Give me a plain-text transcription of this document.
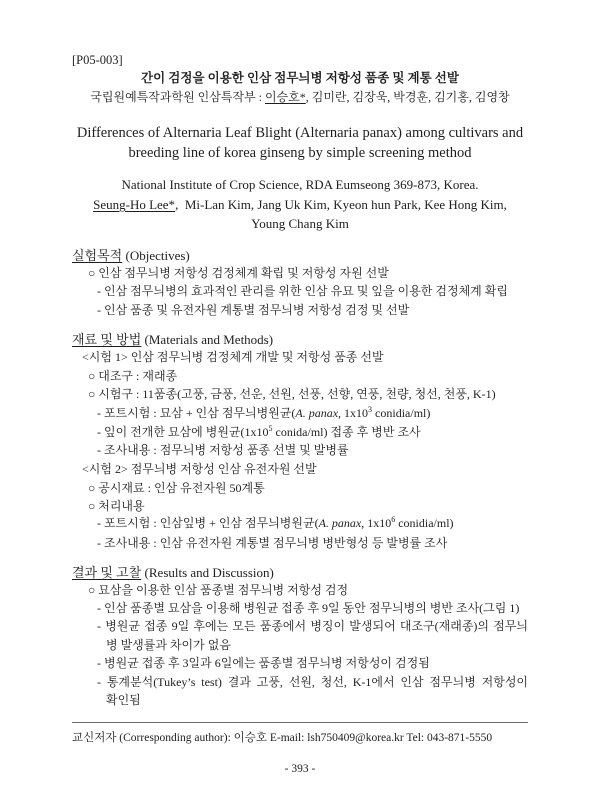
[P05-003]
간이 검정을 이용한 인삼 점무늬병 저항성 품종 및 계통 선발
국립원예특작과학원 인삼특작부 : 이승호*, 김미란, 김장욱, 박경훈, 김기홍, 김영창
Differences of Alternaria Leaf Blight (Alternaria panax) among cultivars and
breeding line of korea ginseng by simple screening method
National Institute of Crop Science, RDA Eumseong 369-873, Korea.
Seung-Ho Lee*,  Mi-Lan Kim, Jang Uk Kim, Kyeon hun Park, Kee Hong Kim,
Young Chang Kim
실험목적 (Objectives)
○ 인삼 점무늬병 저항성 검정체계 확립 및 저항성 자원 선발
- 인삼 점무늬병의 효과적인 관리를 위한 인삼 유묘 및 잎을 이용한 검정체계 확립
- 인삼 품종 및 유전자원 계통별 점무늬병 저항성 검정 및 선발
재료 및 방법 (Materials and Methods)
<시험 1> 인삼 점무늬병 검정체계 개발 및 저항성 품종 선발
○ 대조구 : 재래종
○ 시험구 : 11품종(고풍, 금풍, 선운, 선원, 선풍, 선향, 연풍, 천량, 청선, 천풍, K-1)
- 포트시험 : 묘삼 + 인삼 점무늬병원균(A. panax, $1x10^3$ conidia/ml)
- 잎이 전개한 묘삼에 병원균($1x10^5$ conida/ml) 접종 후 병반 조사
- 조사내용 : 점무늬병 저항성 품종 선별 및 발병률
<시험 2> 점무늬병 저항성 인삼 유전자원 선발
○ 공시재료 : 인삼 유전자원 50계통
○ 처리내용
- 포트시험 : 인삼잎병 + 인삼 점무늬병원균(A. panax, $1x10^6$ conidia/ml)
- 조사내용 : 인삼 유전자원 계통별 점무늬병 병반형성 등 발병률 조사
결과 및 고찰 (Results and Discussion)
○ 묘삼을 이용한 인삼 품종별 점무늬병 저항성 검정
- 인삼 품종별 묘삼을 이용해 병원균 접종 후 9일 동안 점무늬병의 병반 조사(그림 1)
- 병원균 접종 9일 후에는 모든 품종에서 병징이 발생되어 대조구(재래종)의 점무늬
병 발생률과 차이가 없음
- 병원균 접종 후 3일과 6일에는 품종별 점무늬병 저항성이 검정됨
- 통계분석(Tukey’s test) 결과 고풍, 선원, 청선, K-1에서 인삼 점무늬병 저항성이
확인됨
교신저자 (Corresponding author): 이승호 E-mail: lsh750409@korea.kr Tel: 043-871-5550
- 393 -
